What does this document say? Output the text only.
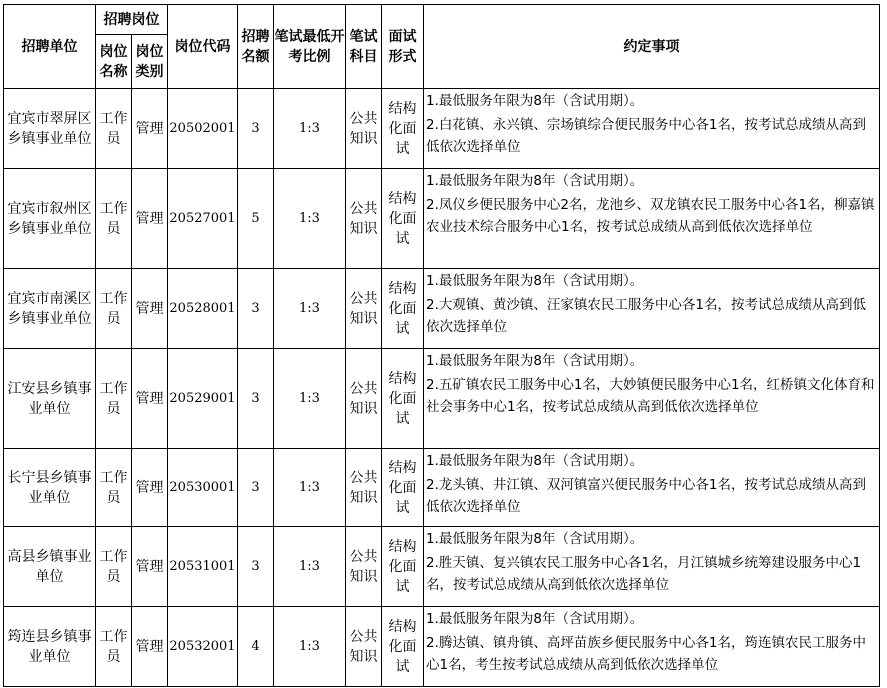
招聘单位	招聘岗位		岗位代码	招聘名额	笔试最低开考比例	笔试科目	面试形式	约定事项
	岗位名称	岗位类别						
宜宾市翠屏区乡镇事业单位	工作员	管理	20502001	3	1:3	公共知识	结构化面试	1.最低服务年限为8年（含试用期）。

2.白花镇、永兴镇、宗场镇综合便民服务中心各1名，按考试总成绩从高到低依次选择单位

宜宾市叙州区乡镇事业单位	工作员	管理	20527001	5	1:3	公共知识	结构化面试	1.最低服务年限为8年（含试用期）。

2.凤仪乡便民服务中心2名，龙池乡、双龙镇农民工服务中心各1名，柳嘉镇农业技术综合服务中心1名，按考试总成绩从高到低依次选择单位

宜宾市南溪区乡镇事业单位	工作员	管理	20528001	3	1:3	公共知识	结构化面试	1.最低服务年限为8年（含试用期）。

2.大观镇、黄沙镇、汪家镇农民工服务中心各1名，按考试总成绩从高到低依次选择单位

江安县乡镇事业单位	工作员	管理	20529001	3	1:3	公共知识	结构化面试	1.最低服务年限为8年（含试用期）。

2.五矿镇农民工服务中心1名，大妙镇便民服务中心1名，红桥镇文化体育和社会事务中心1名，按考试总成绩从高到低依次选择单位

长宁县乡镇事业单位	工作员	管理	20530001	3	1:3	公共知识	结构化面试	1.最低服务年限为8年（含试用期）。

2.龙头镇、井江镇、双河镇富兴便民服务中心各1名，按考试总成绩从高到低依次选择单位

高县乡镇事业单位	工作员	管理	20531001	3	1:3	公共知识	结构化面试	1.最低服务年限为8年（含试用期）。

2.胜天镇、复兴镇农民工服务中心各1名，月江镇城乡统筹建设服务中心1名，按考试总成绩从高到低依次选择单位

筠连县乡镇事业单位	工作员	管理	20532001	4	1:3	公共知识	结构化面试	1.最低服务年限为8年（含试用期）。

2.腾达镇、镇舟镇、高坪苗族乡便民服务中心各1名，筠连镇农民工服务中心1名，考生按考试总成绩从高到低依次选择单位
